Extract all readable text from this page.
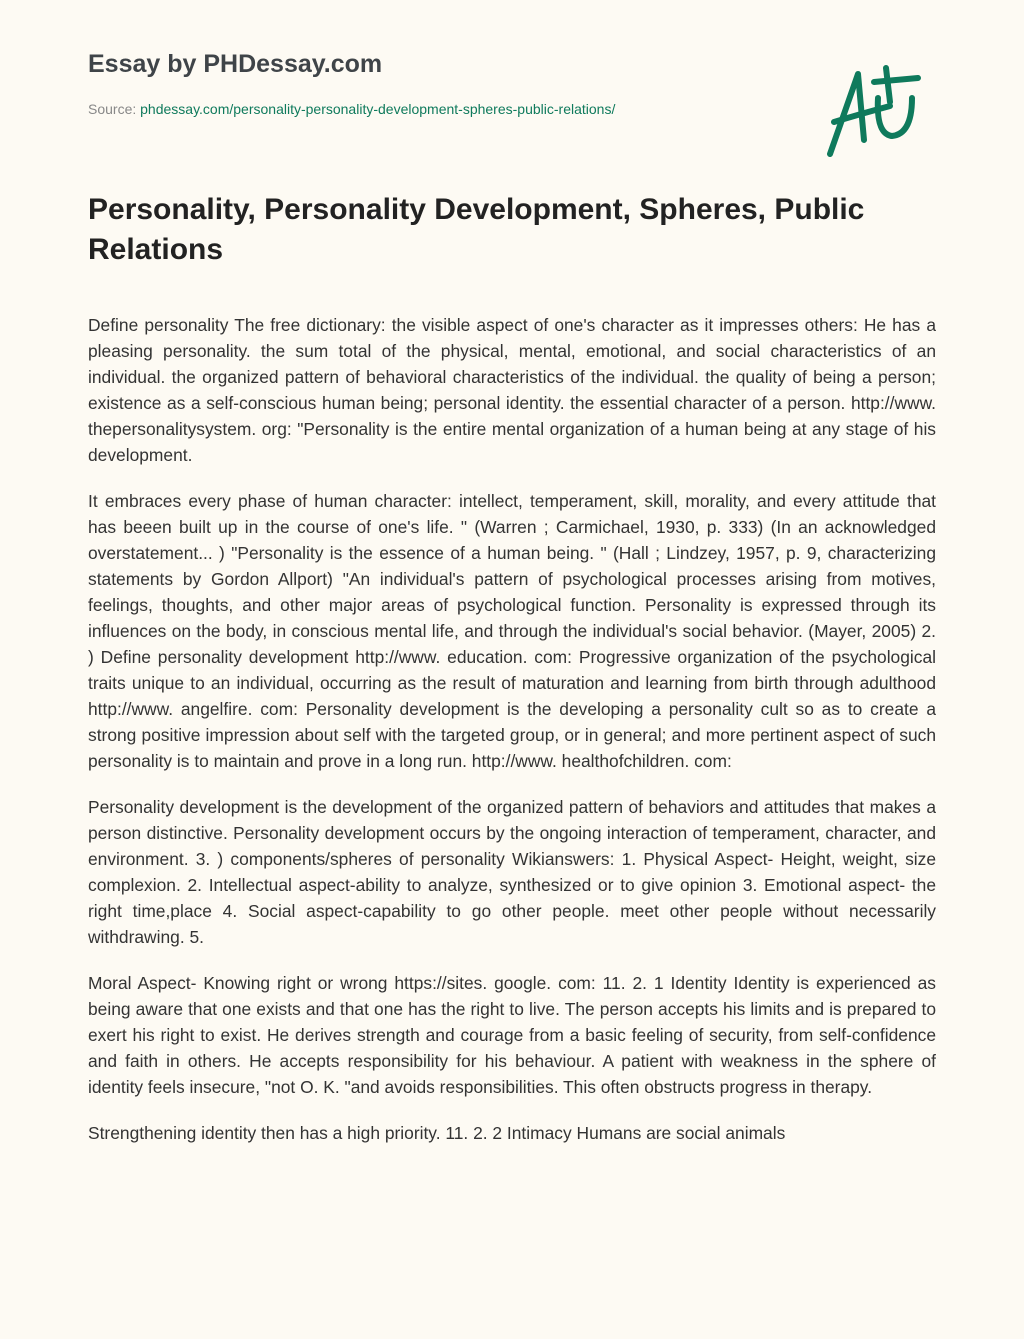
Essay by PHDessay.com
Source: phdessay.com/personality-personality-development-spheres-public-relations/
Personality, Personality Development, Spheres, Public Relations

Define personality The free dictionary: the visible aspect of one's character as it impresses others: He has a pleasing personality. the sum total of the physical, mental, emotional, and social characteristics of an individual. the organized pattern of behavioral characteristics of the individual. the quality of being a person; existence as a self-conscious human being; personal identity. the essential character of a person. http://www. thepersonalitysystem. org: "Personality is the entire mental organization of a human being at any stage of his development.

It embraces every phase of human character: intellect, temperament, skill, morality, and every attitude that has beeen built up in the course of one's life. " (Warren ; Carmichael, 1930, p. 333) (In an acknowledged overstatement... ) "Personality is the essence of a human being. " (Hall ; Lindzey, 1957, p. 9, characterizing statements by Gordon Allport) "An individual's pattern of psychological processes arising from motives, feelings, thoughts, and other major areas of psychological function. Personality is expressed through its influences on the body, in conscious mental life, and through the individual's social behavior. (Mayer, 2005) 2. ) Define personality development http://www. education. com: Progressive organization of the psychological traits unique to an individual, occurring as the result of maturation and learning from birth through adulthood http://www. angelfire. com: Personality development is the developing a personality cult so as to create a strong positive impression about self with the targeted group, or in general; and more pertinent aspect of such personality is to maintain and prove in a long run. http://www. healthofchildren. com:

Personality development is the development of the organized pattern of behaviors and attitudes that makes a person distinctive. Personality development occurs by the ongoing interaction of temperament, character, and environment. 3. ) components/spheres of personality Wikianswers: 1. Physical Aspect- Height, weight, size complexion. 2. Intellectual aspect-ability to analyze, synthesized or to give opinion 3. Emotional aspect- the right time,place 4. Social aspect-capability to go other people. meet other people without necessarily withdrawing. 5.

Moral Aspect- Knowing right or wrong https://sites. google. com: 11. 2. 1 Identity Identity is experienced as being aware that one exists and that one has the right to live. The person accepts his limits and is prepared to exert his right to exist. He derives strength and courage from a basic feeling of security, from self-confidence and faith in others. He accepts responsibility for his behaviour. A patient with weakness in the sphere of identity feels insecure, "not O. K. "and avoids responsibilities. This often obstructs progress in therapy.

Strengthening identity then has a high priority. 11. 2. 2 Intimacy Humans are social animals
